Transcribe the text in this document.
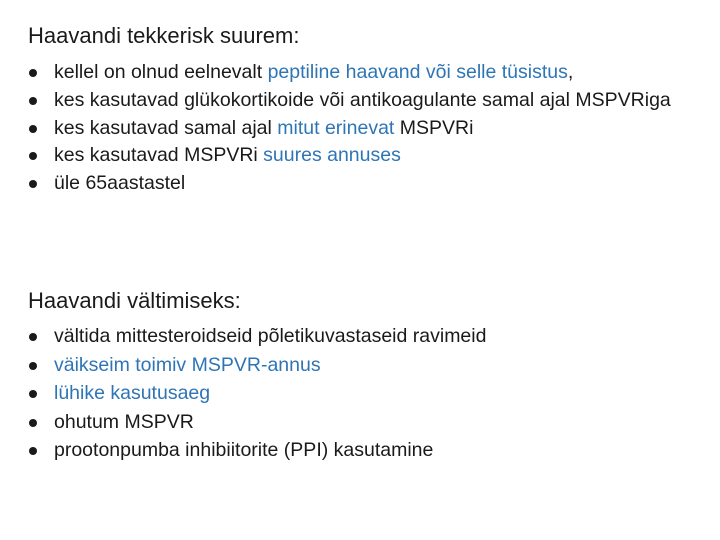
Haavandi tekkerisk suurem:
kellel on olnud eelnevalt peptiline haavand või selle tüsistus,
kes kasutavad glükokortikoide või antikoagulante samal ajal MSPVRiga
kes kasutavad samal ajal mitut erinevat MSPVRi
kes kasutavad MSPVRi suures annuses
üle 65aastastel
Haavandi vältimiseks:
vältida mittesteroidseid põletikuvastaseid ravimeid
väikseim toimiv MSPVR-annus
lühike kasutusaeg
ohutum MSPVR
prootonpumba inhibiitorite (PPI) kasutamine
